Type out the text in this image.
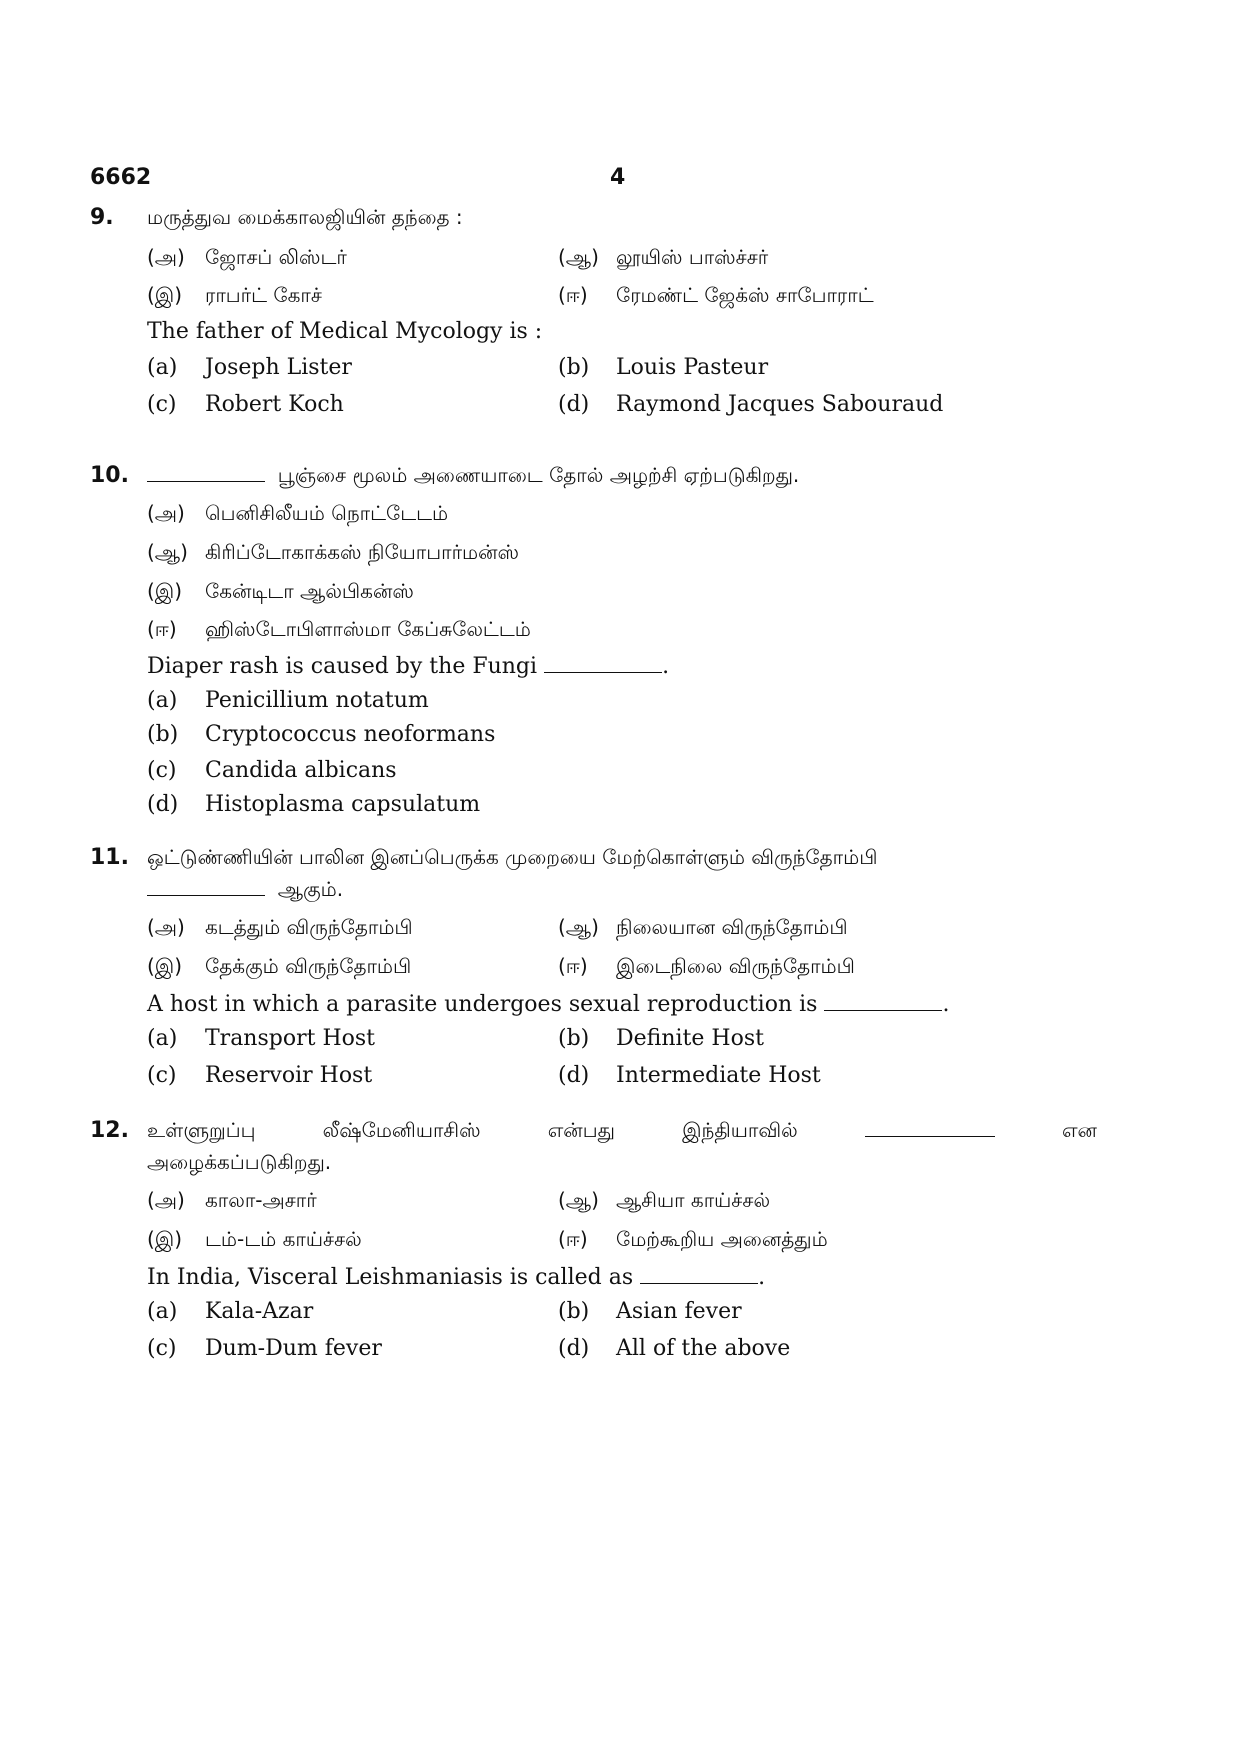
6662	4
9. மருத்துவ மைக்காலஜியின் தந்தை :
(அ) ஜோசப் லிஸ்டர்	(ஆ) லூயிஸ் பாஸ்ச்சர்
(இ) ராபர்ட் கோச்	(ஈ) ரேமண்ட் ஜேக்ஸ் சாபோராட்
The father of Medical Mycology is :
(a) Joseph Lister	(b) Louis Pasteur
(c) Robert Koch	(d) Raymond Jacques Sabouraud
10.	பூஞ்சை மூலம் அணையாடை தோல் அழற்சி ஏற்படுகிறது.
(அ) பெனிசிலீயம் நொட்டேடம்
(ஆ) கிரிப்டோகாக்கஸ் நியோபார்மன்ஸ்
(இ) கேன்டிடா ஆல்பிகன்ஸ்
(ஈ) ஹிஸ்டோபிளாஸ்மா கேப்சுலேட்டம்
Diaper rash is caused by the Fungi	.
(a) Penicillium notatum
(b) Cryptococcus neoformans
(c) Candida albicans
(d) Histoplasma capsulatum
11. ஒட்டுண்ணியின் பாலின இனப்பெருக்க முறையை மேற்கொள்ளும் விருந்தோம்பி
ஆகும்.
(அ) கடத்தும் விருந்தோம்பி	(ஆ) நிலையான விருந்தோம்பி
(இ) தேக்கும் விருந்தோம்பி	(ஈ) இடைநிலை விருந்தோம்பி
A host in which a parasite undergoes sexual reproduction is	.
(a) Transport Host	(b) Definite Host
(c) Reservoir Host	(d) Intermediate Host
12. உள்ளுறுப்பு	லீஷ்மேனியாசிஸ்	என்பது	இந்தியாவில்	என
அழைக்கப்படுகிறது.
(அ) காலா-அசார்	(ஆ) ஆசியா காய்ச்சல்
(இ) டம்-டம் காய்ச்சல்	(ஈ) மேற்கூறிய அனைத்தும்
In India, Visceral Leishmaniasis is called as	.
(a) Kala-Azar	(b) Asian fever
(c) Dum-Dum fever	(d) All of the above
